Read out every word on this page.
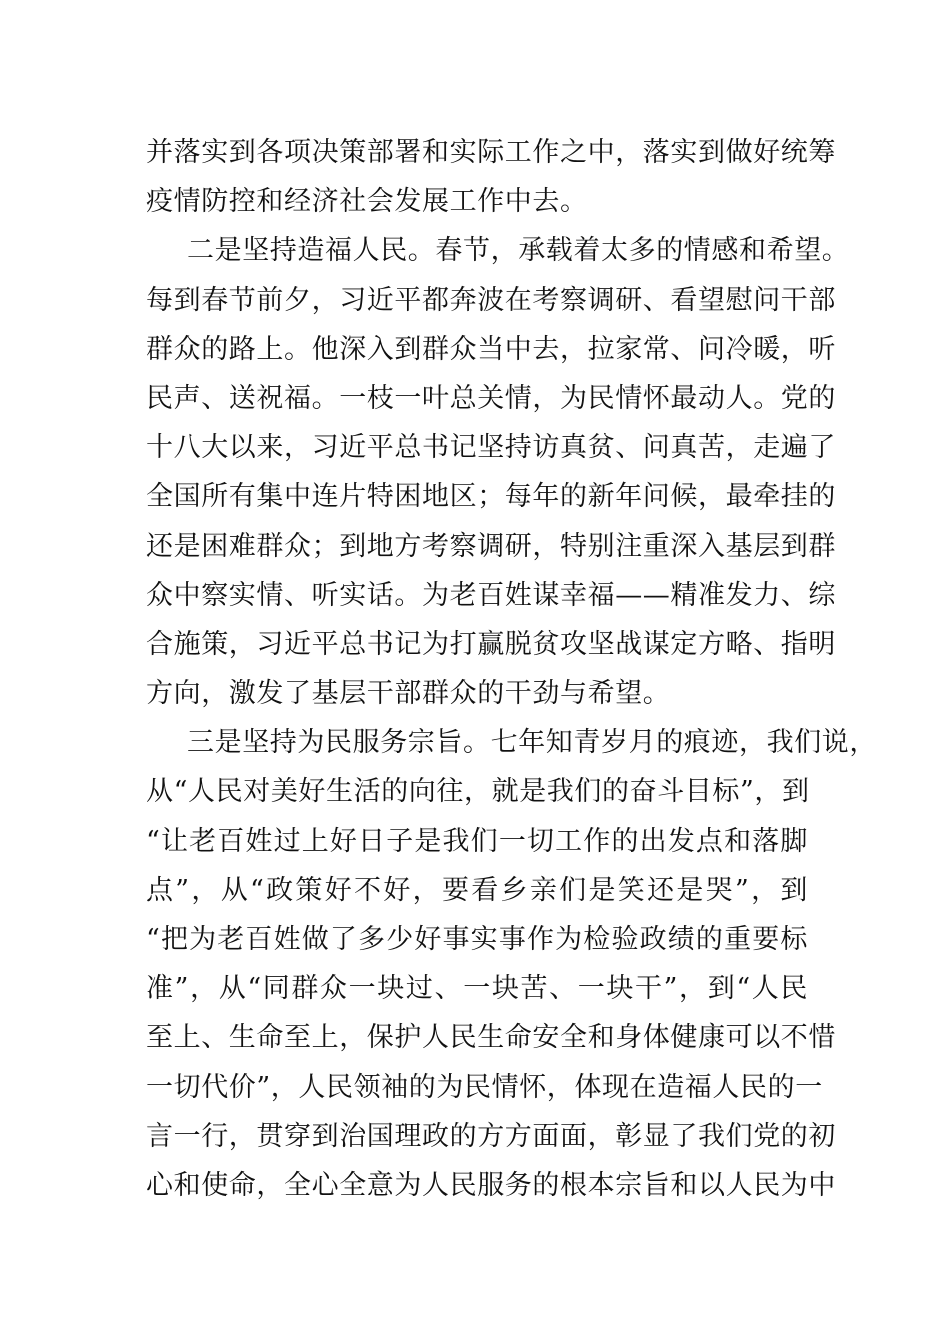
并落实到各项决策部署和实际工作之中，落实到做好统筹
疫情防控和经济社会发展工作中去。
二是坚持造福人民。春节，承载着太多的情感和希望。
每到春节前夕，习近平都奔波在考察调研、看望慰问干部
群众的路上。他深入到群众当中去，拉家常、问冷暖，听
民声、送祝福。一枝一叶总关情，为民情怀最动人。党的
十八大以来，习近平总书记坚持访真贫、问真苦，走遍了
全国所有集中连片特困地区；每年的新年问候，最牵挂的
还是困难群众；到地方考察调研，特别注重深入基层到群
众中察实情、听实话。为老百姓谋幸福——精准发力、综
合施策，习近平总书记为打赢脱贫攻坚战谋定方略、指明
方向，激发了基层干部群众的干劲与希望。
三是坚持为民服务宗旨。七年知青岁月的痕迹，我们说，
从“人民对美好生活的向往，就是我们的奋斗目标”，到
“让老百姓过上好日子是我们一切工作的出发点和落脚
点”，从“政策好不好，要看乡亲们是笑还是哭”，到
“把为老百姓做了多少好事实事作为检验政绩的重要标
准”，从“同群众一块过、一块苦、一块干”，到“人民
至上、生命至上，保护人民生命安全和身体健康可以不惜
一切代价”，人民领袖的为民情怀，体现在造福人民的一
言一行，贯穿到治国理政的方方面面，彰显了我们党的初
心和使命，全心全意为人民服务的根本宗旨和以人民为中
